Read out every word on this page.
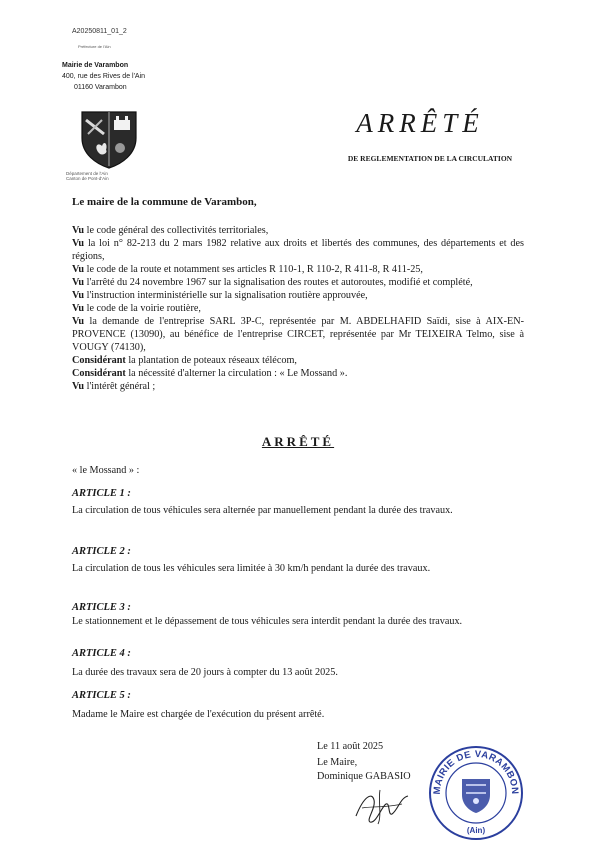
A20250811_01_2
Préfecture de l'Ain
Mairie de Varambon
400, rue des Rives de l'Ain
01160 Varambon
Département de l'Ain
Canton de Pont-d'Ain
ARRÊTÉ
DE REGLEMENTATION DE LA CIRCULATION
Le maire de la commune de Varambon,
Vu le code général des collectivités territoriales,
Vu la loi n° 82-213 du 2 mars 1982 relative aux droits et libertés des communes, des départements et des régions,
Vu le code de la route et notamment ses articles R 110-1, R 110-2, R 411-8, R 411-25,
Vu l'arrêté du 24 novembre 1967 sur la signalisation des routes et autoroutes, modifié et complété,
Vu l'instruction interministérielle sur la signalisation routière approuvée,
Vu le code de la voirie routière,
Vu la demande de l'entreprise SARL 3P-C, représentée par M. ABDELHAFID Saïdi, sise à AIX-EN-PROVENCE (13090), au bénéfice de l'entreprise CIRCET, représentée par Mr TEIXEIRA Telmo, sise à VOUGY (74130),
Considérant la plantation de poteaux réseaux télécom,
Considérant la nécessité d'alterner la circulation : « Le Mossand ».
Vu l'intérêt général ;
ARRÊTÉ
« le Mossand » :
ARTICLE 1 :
La circulation de tous véhicules sera alternée par manuellement pendant la durée des travaux.
ARTICLE 2 :
La circulation de tous les véhicules sera limitée à 30 km/h pendant la durée des travaux.
ARTICLE 3 :
Le stationnement et le dépassement de tous véhicules sera interdit pendant la durée des travaux.
ARTICLE 4 :
La durée des travaux sera de 20 jours à compter du 13 août 2025.
ARTICLE 5 :
Madame le Maire est chargée de l'exécution du présent arrêté.
Le 11 août 2025
Le Maire,
Dominique GABASIO
MAIRIE DE VARAMBON
(Ain)
